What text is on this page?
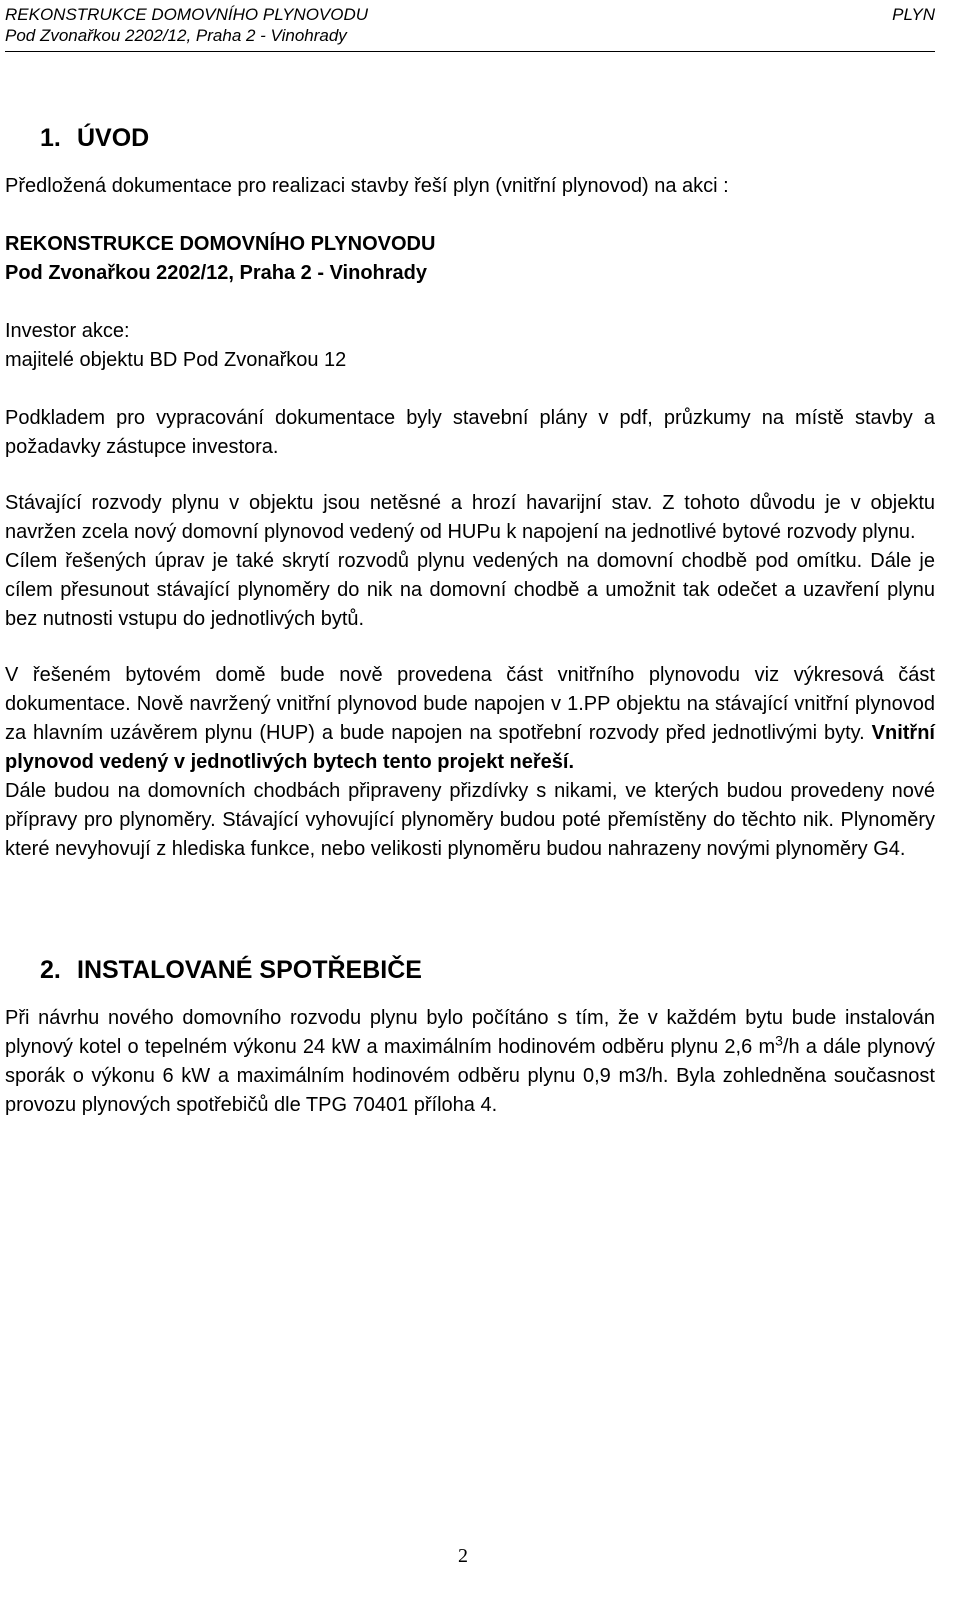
REKONSTRUKCE DOMOVNÍHO PLYNOVODU	PLYN
Pod Zvonařkou 2202/12, Praha 2 - Vinohrady
1. ÚVOD

Předložená dokumentace pro realizaci stavby řeší plyn (vnitřní plynovod) na akci :

REKONSTRUKCE DOMOVNÍHO PLYNOVODU

Pod Zvonařkou 2202/12, Praha 2 - Vinohrady

Investor akce:

majitelé objektu BD Pod Zvonařkou 12

Podkladem pro vypracování dokumentace byly stavební plány v pdf, průzkumy na místě stavby a požadavky zástupce investora.

Stávající rozvody plynu v objektu jsou netěsné a hrozí havarijní stav. Z tohoto důvodu je v objektu navržen zcela nový domovní plynovod vedený od HUPu k napojení na jednotlivé bytové rozvody plynu.

Cílem řešených úprav je také skrytí rozvodů plynu vedených na domovní chodbě pod omítku. Dále je cílem přesunout stávající plynoměry do nik na domovní chodbě a umožnit tak odečet a uzavření plynu bez nutnosti vstupu do jednotlivých bytů.

V řešeném bytovém domě bude nově provedena část vnitřního plynovodu viz výkresová část dokumentace. Nově navržený vnitřní plynovod bude napojen v 1.PP objektu na stávající vnitřní plynovod za hlavním uzávěrem plynu (HUP) a bude napojen na spotřební rozvody před jednotlivými byty. Vnitřní plynovod vedený v jednotlivých bytech tento projekt neřeší.

Dále budou na domovních chodbách připraveny přizdívky s nikami, ve kterých budou provedeny nové přípravy pro plynoměry. Stávající vyhovující plynoměry budou poté přemístěny do těchto nik. Plynoměry které nevyhovují z hlediska funkce, nebo velikosti plynoměru budou nahrazeny novými plynoměry G4.

2. INSTALOVANÉ SPOTŘEBIČE

Při návrhu nového domovního rozvodu plynu bylo počítáno s tím, že v každém bytu bude instalován plynový kotel o tepelném výkonu 24 kW a maximálním hodinovém odběru plynu 2,6 $m^3/h$ a dále plynový sporák o výkonu 6 kW a maximálním hodinovém odběru plynu 0,9 m3/h. Byla zohledněna současnost provozu plynových spotřebičů dle TPG 70401 příloha 4.

2
